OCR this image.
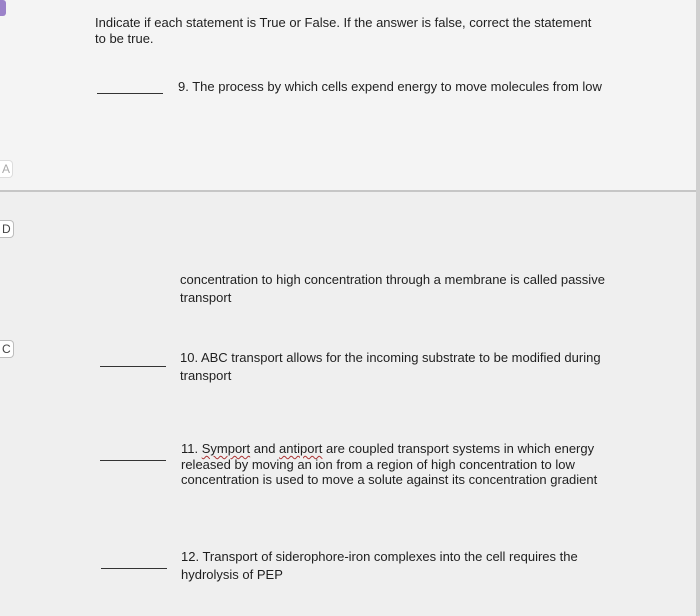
D
C
A
Indicate if each statement is True or False. If the answer is false, correct the statement
to be true.
9. The process by which cells expend energy to move molecules from low
concentration to high concentration through a membrane is called passive
transport
10. ABC transport allows for the incoming substrate to be modified during
transport
11. Symport and antiport are coupled transport systems in which energy
released by moving an ion from a region of high concentration to low
concentration is used to move a solute against its concentration gradient
12. Transport of siderophore-iron complexes into the cell requires the
hydrolysis of PEP
